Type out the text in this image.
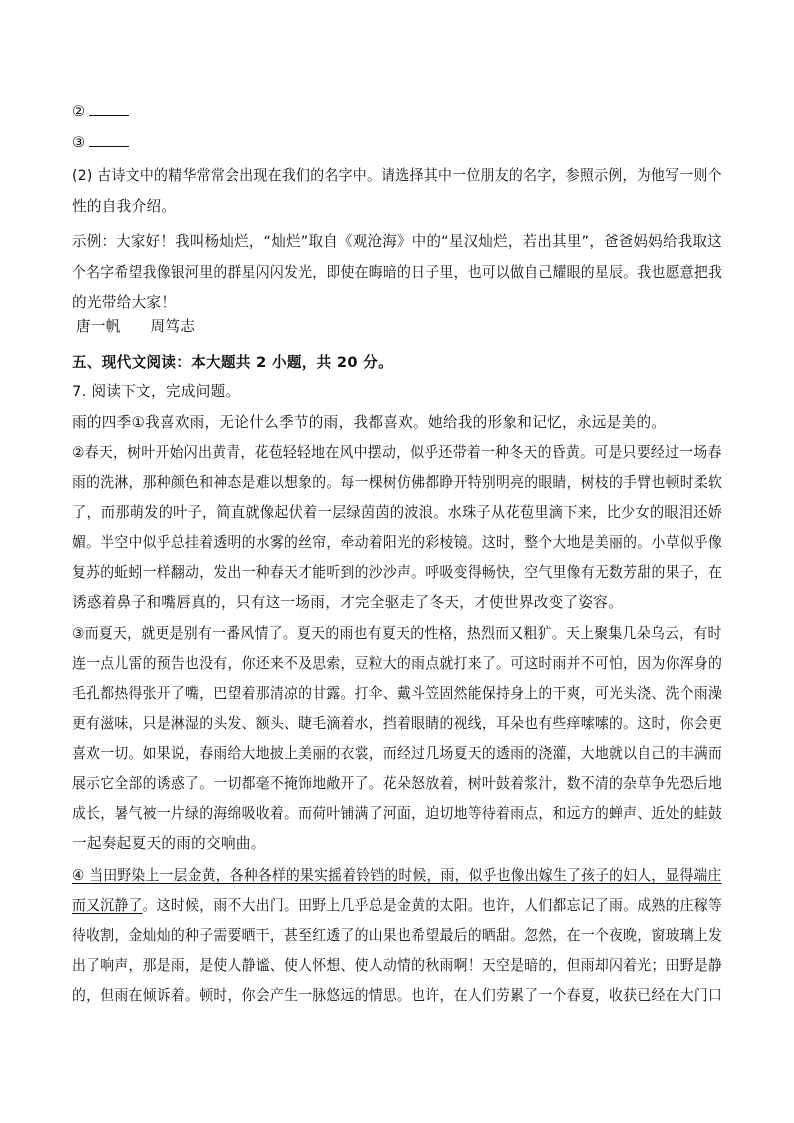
②
③
(2) 古诗文中的精华常常会出现在我们的名字中。请选择其中一位朋友的名字，参照示例，为他写一则个
性的自我介绍。
示例：大家好！我叫杨灿烂，“灿烂”取自《观沧海》中的“星汉灿烂，若出其里”，爸爸妈妈给我取这
个名字希望我像银河里的群星闪闪发光，即使在晦暗的日子里，也可以做自己耀眼的星辰。我也愿意把我
的光带给大家！
唐一帆　　周笃志
五、现代文阅读：本大题共 2 小题，共 20 分。
7. 阅读下文，完成问题。
雨的四季①我喜欢雨，无论什么季节的雨，我都喜欢。她给我的形象和记忆，永远是美的。
②春天，树叶开始闪出黄青，花苞轻轻地在风中摆动，似乎还带着一种冬天的昏黄。可是只要经过一场春
雨的洗淋，那种颜色和神态是难以想象的。每一棵树仿佛都睁开特别明亮的眼睛，树枝的手臂也顿时柔软
了，而那萌发的叶子，简直就像起伏着一层绿茵茵的波浪。水珠子从花苞里滴下来，比少女的眼泪还娇
媚。半空中似乎总挂着透明的水雾的丝帘，牵动着阳光的彩棱镜。这时，整个大地是美丽的。小草似乎像
复苏的蚯蚓一样翻动，发出一种春天才能听到的沙沙声。呼吸变得畅快，空气里像有无数芳甜的果子，在
诱惑着鼻子和嘴唇真的，只有这一场雨，才完全驱走了冬天，才使世界改变了姿容。
③而夏天，就更是别有一番风情了。夏天的雨也有夏天的性格，热烈而又粗犷。天上聚集几朵乌云，有时
连一点儿雷的预告也没有，你还来不及思索，豆粒大的雨点就打来了。可这时雨并不可怕，因为你浑身的
毛孔都热得张开了嘴，巴望着那清凉的甘露。打伞、戴斗笠固然能保持身上的干爽，可光头浇、洗个雨澡
更有滋味，只是淋湿的头发、额头、睫毛滴着水，挡着眼睛的视线，耳朵也有些痒嗦嗦的。这时，你会更
喜欢一切。如果说，春雨给大地披上美丽的衣裳，而经过几场夏天的透雨的浇灌，大地就以自己的丰满而
展示它全部的诱惑了。一切都毫不掩饰地敞开了。花朵怒放着，树叶鼓着浆汁，数不清的杂草争先恐后地
成长，暑气被一片绿的海绵吸收着。而荷叶铺满了河面，迫切地等待着雨点，和远方的蝉声、近处的蛙鼓
一起奏起夏天的雨的交响曲。
④ 当田野染上一层金黄，各种各样的果实摇着铃铛的时候，雨，似乎也像出嫁生了孩子的妇人，显得端庄
而又沉静了。这时候，雨不大出门。田野上几乎总是金黄的太阳。也许，人们都忘记了雨。成熟的庄稼等
待收割，金灿灿的种子需要晒干，甚至红透了的山果也希望最后的晒甜。忽然，在一个夜晚，窗玻璃上发
出了响声，那是雨，是使人静谧、使人怀想、使人动情的秋雨啊！天空是暗的，但雨却闪着光；田野是静
的，但雨在倾诉着。顿时，你会产生一脉悠远的情思。也许，在人们劳累了一个春夏，收获已经在大门口
